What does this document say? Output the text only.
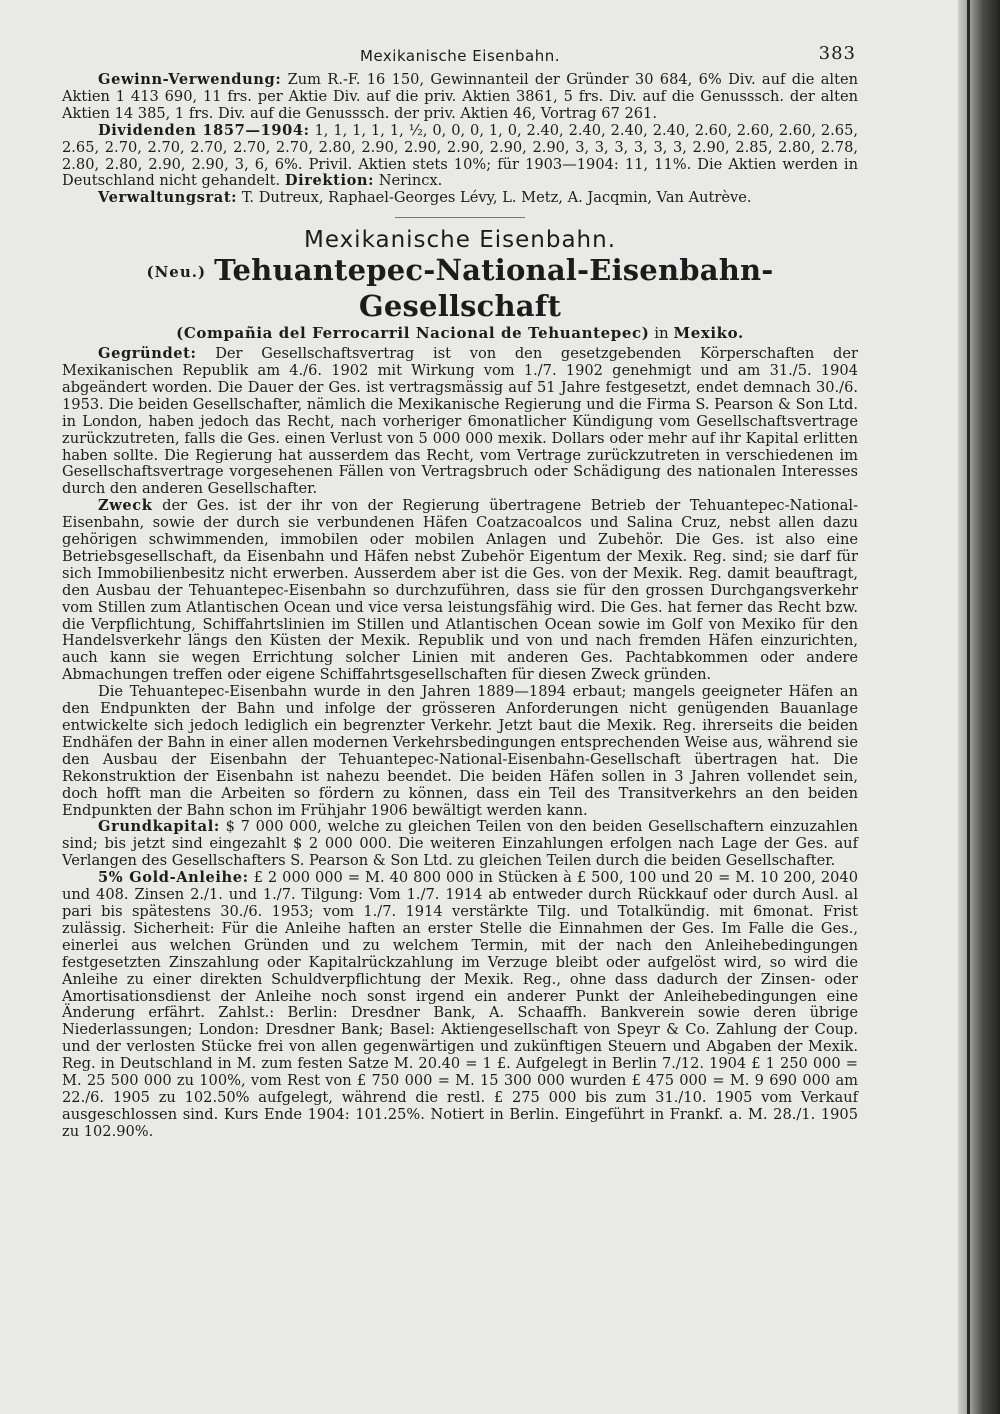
Mexikanische Eisenbahn.	383

Gewinn-Verwendung: Zum R.-F. 16 150, Gewinnanteil der Gründer 30 684, 6% Div. auf die alten Aktien 1 413 690, 11 frs. per Aktie Div. auf die priv. Aktien 3861, 5 frs. Div. auf die Genusssch. der alten Aktien 14 385, 1 frs. Div. auf die Genusssch. der priv. Aktien 46, Vortrag 67 261.

Dividenden 1857—1904: 1, 1, 1, 1, 1, ½, 0, 0, 0, 1, 0, 2.40, 2.40, 2.40, 2.40, 2.60, 2.60, 2.60, 2.65, 2.65, 2.70, 2.70, 2.70, 2.70, 2.70, 2.80, 2.90, 2.90, 2.90, 2.90, 2.90, 3, 3, 3, 3, 3, 3, 2.90, 2.85, 2.80, 2.78, 2.80, 2.80, 2.90, 2.90, 3, 6, 6%. Privil. Aktien stets 10%; für 1903—1904: 11, 11%. Die Aktien werden in Deutschland nicht gehandelt. Direktion: Nerincx.

Verwaltungsrat: T. Dutreux, Raphael-Georges Lévy, L. Metz, A. Jacqmin, Van Autrève.

Mexikanische Eisenbahn.
(Neu.) Tehuantepec-National-Eisenbahn-Gesellschaft
(Compañia del Ferrocarril Nacional de Tehuantepec) in Mexiko.

Gegründet: Der Gesellschaftsvertrag ist von den gesetzgebenden Körperschaften der Mexikanischen Republik am 4./6. 1902 mit Wirkung vom 1./7. 1902 genehmigt und am 31./5. 1904 abgeändert worden. Die Dauer der Ges. ist vertragsmässig auf 51 Jahre festgesetzt, endet demnach 30./6. 1953. Die beiden Gesellschafter, nämlich die Mexikanische Regierung und die Firma S. Pearson & Son Ltd. in London, haben jedoch das Recht, nach vorheriger 6monatlicher Kündigung vom Gesellschaftsvertrage zurückzutreten, falls die Ges. einen Verlust von 5 000 000 mexik. Dollars oder mehr auf ihr Kapital erlitten haben sollte. Die Regierung hat ausserdem das Recht, vom Vertrage zurückzutreten in verschiedenen im Gesellschaftsvertrage vorgesehenen Fällen von Vertragsbruch oder Schädigung des nationalen Interesses durch den anderen Gesellschafter.

Zweck der Ges. ist der ihr von der Regierung übertragene Betrieb der Tehuantepec-National-Eisenbahn, sowie der durch sie verbundenen Häfen Coatzacoalcos und Salina Cruz, nebst allen dazu gehörigen schwimmenden, immobilen oder mobilen Anlagen und Zubehör. Die Ges. ist also eine Betriebsgesellschaft, da Eisenbahn und Häfen nebst Zubehör Eigentum der Mexik. Reg. sind; sie darf für sich Immobilienbesitz nicht erwerben. Ausserdem aber ist die Ges. von der Mexik. Reg. damit beauftragt, den Ausbau der Tehuantepec-Eisenbahn so durchzuführen, dass sie für den grossen Durchgangsverkehr vom Stillen zum Atlantischen Ocean und vice versa leistungsfähig wird. Die Ges. hat ferner das Recht bzw. die Verpflichtung, Schiffahrtslinien im Stillen und Atlantischen Ocean sowie im Golf von Mexiko für den Handelsverkehr längs den Küsten der Mexik. Republik und von und nach fremden Häfen einzurichten, auch kann sie wegen Errichtung solcher Linien mit anderen Ges. Pachtabkommen oder andere Abmachungen treffen oder eigene Schiffahrtsgesellschaften für diesen Zweck gründen.

Die Tehuantepec-Eisenbahn wurde in den Jahren 1889—1894 erbaut; mangels geeigneter Häfen an den Endpunkten der Bahn und infolge der grösseren Anforderungen nicht genügenden Bauanlage entwickelte sich jedoch lediglich ein begrenzter Verkehr. Jetzt baut die Mexik. Reg. ihrerseits die beiden Endhäfen der Bahn in einer allen modernen Verkehrsbedingungen entsprechenden Weise aus, während sie den Ausbau der Eisenbahn der Tehuantepec-National-Eisenbahn-Gesellschaft übertragen hat. Die Rekonstruktion der Eisenbahn ist nahezu beendet. Die beiden Häfen sollen in 3 Jahren vollendet sein, doch hofft man die Arbeiten so fördern zu können, dass ein Teil des Transitverkehrs an den beiden Endpunkten der Bahn schon im Frühjahr 1906 bewältigt werden kann.

Grundkapital: $ 7 000 000, welche zu gleichen Teilen von den beiden Gesellschaftern einzuzahlen sind; bis jetzt sind eingezahlt $ 2 000 000. Die weiteren Einzahlungen erfolgen nach Lage der Ges. auf Verlangen des Gesellschafters S. Pearson & Son Ltd. zu gleichen Teilen durch die beiden Gesellschafter.

5% Gold-Anleihe: £ 2 000 000 = M. 40 800 000 in Stücken à £ 500, 100 und 20 = M. 10 200, 2040 und 408. Zinsen 2./1. und 1./7. Tilgung: Vom 1./7. 1914 ab entweder durch Rückkauf oder durch Ausl. al pari bis spätestens 30./6. 1953; vom 1./7. 1914 verstärkte Tilg. und Totalkündig. mit 6monat. Frist zulässig. Sicherheit: Für die Anleihe haften an erster Stelle die Einnahmen der Ges. Im Falle die Ges., einerlei aus welchen Gründen und zu welchem Termin, mit der nach den Anleihebedingungen festgesetzten Zinszahlung oder Kapitalrückzahlung im Verzuge bleibt oder aufgelöst wird, so wird die Anleihe zu einer direkten Schuldverpflichtung der Mexik. Reg., ohne dass dadurch der Zinsen- oder Amortisationsdienst der Anleihe noch sonst irgend ein anderer Punkt der Anleihebedingungen eine Änderung erfährt. Zahlst.: Berlin: Dresdner Bank, A. Schaaffh. Bankverein sowie deren übrige Niederlassungen; London: Dresdner Bank; Basel: Aktiengesellschaft von Speyr & Co. Zahlung der Coup. und der verlosten Stücke frei von allen gegenwärtigen und zukünftigen Steuern und Abgaben der Mexik. Reg. in Deutschland in M. zum festen Satze M. 20.40 = 1 £. Aufgelegt in Berlin 7./12. 1904 £ 1 250 000 = M. 25 500 000 zu 100%, vom Rest von £ 750 000 = M. 15 300 000 wurden £ 475 000 = M. 9 690 000 am 22./6. 1905 zu 102.50% aufgelegt, während die restl. £ 275 000 bis zum 31./10. 1905 vom Verkauf ausgeschlossen sind. Kurs Ende 1904: 101.25%. Notiert in Berlin. Eingeführt in Frankf. a. M. 28./1. 1905 zu 102.90%.
